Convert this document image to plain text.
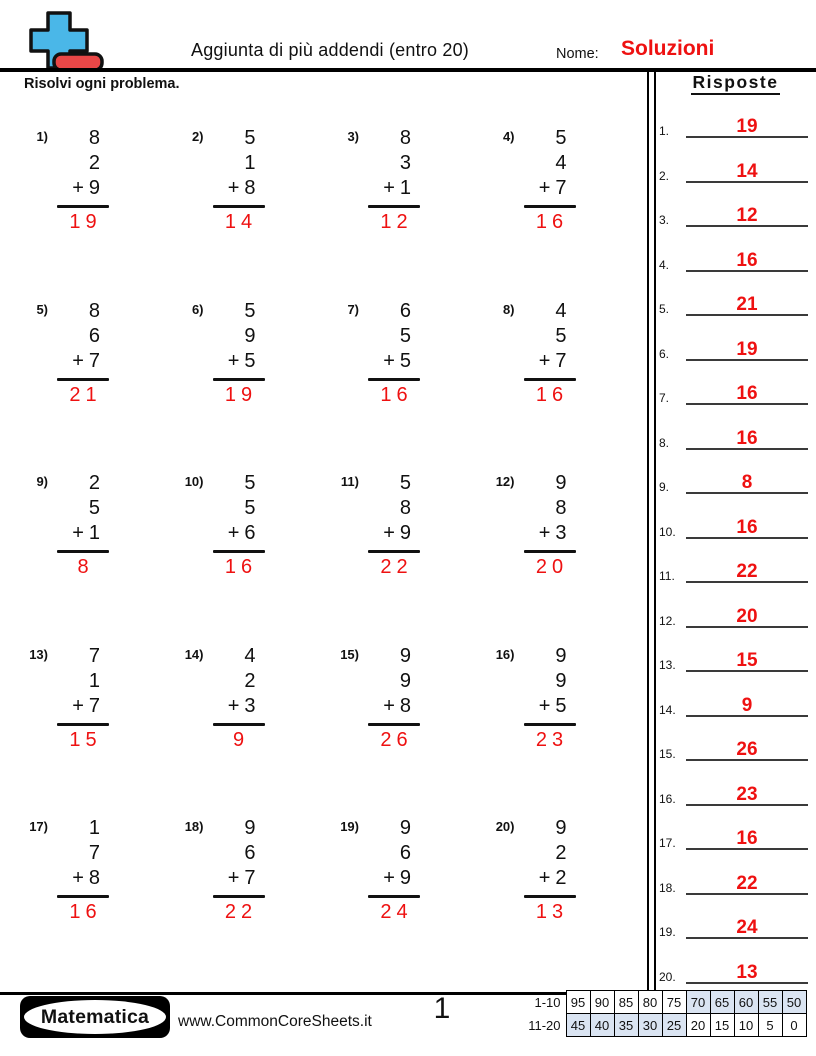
Aggiunta di più addendi (entro 20)	Nome: Soluzioni
Risolvi ogni problema.
1)	8
2
+ 9
19
2)	5
1
+ 8
14
3)	8
3
+ 1
12
4)	5
4
+ 7
16
5)	8
6
+ 7
21
6)	5
9
+ 5
19
7)	6
5
+ 5
16
8)	4
5
+ 7
16
9)	2
5
+ 1
8
10)	5
5
+ 6
16
11)	5
8
+ 9
22
12)	9
8
+ 3
20
13)	7
1
+ 7
15
14)	4
2
+ 3
9
15)	9
9
+ 8
26
16)	9
9
+ 5
23
17)	1
7
+ 8
16
18)	9
6
+ 7
22
19)	9
6
+ 9
24
20)	9
2
+ 2
13
Risposte
1.	19
2.	14
3.	12
4.	16
5.	21
6.	19
7.	16
8.	16
9.	8
10.	16
11.	22
12.	20
13.	15
14.	9
15.	26
16.	23
17.	16
18.	22
19.	24
20.	13
Matematica www.CommonCoreSheets.it	1	1-10	95	90	85	80	75	70	65	60	55	50
11-20	45	40	35	30	25	20	15	10	5	0
